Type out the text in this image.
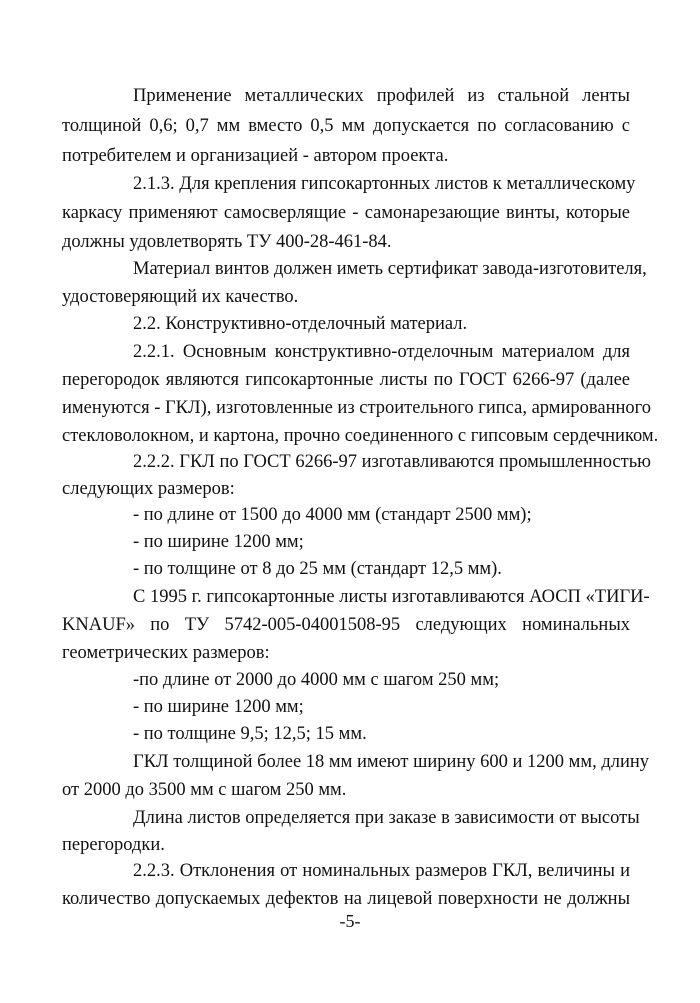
Применение металлических профилей из стальной ленты
толщиной 0,6; 0,7 мм вместо 0,5 мм допускается по согласованию с
потребителем и организацией - автором проекта.
2.1.3. Для крепления гипсокартонных листов к металлическому
каркасу применяют самосверлящие - самонарезающие винты, которые
должны удовлетворять ТУ 400-28-461-84.
Материал винтов должен иметь сертификат завода-изготовителя,
удостоверяющий их качество.
2.2. Конструктивно-отделочный материал.
2.2.1. Основным конструктивно-отделочным материалом для
перегородок являются гипсокартонные листы по ГОСТ 6266-97 (далее
именуются - ГКЛ), изготовленные из строительного гипса, армированного
стекловолокном, и картона, прочно соединенного с гипсовым сердечником.
2.2.2. ГКЛ по ГОСТ 6266-97 изготавливаются промышленностью
следующих размеров:
- по длине от 1500 до 4000 мм (стандарт 2500 мм);
- по ширине 1200 мм;
- по толщине от 8 до 25 мм (стандарт 12,5 мм).
С 1995 г. гипсокартонные листы изготавливаются АОСП «ТИГИ-
KNAUF» по ТУ 5742-005-04001508-95 следующих номинальных
геометрических размеров:
-по длине от 2000 до 4000 мм с шагом 250 мм;
- по ширине 1200 мм;
- по толщине 9,5; 12,5; 15 мм.
ГКЛ толщиной более 18 мм имеют ширину 600 и 1200 мм, длину
от 2000 до 3500 мм с шагом 250 мм.
Длина листов определяется при заказе в зависимости от высоты
перегородки.
2.2.3. Отклонения от номинальных размеров ГКЛ, величины и
количество допускаемых дефектов на лицевой поверхности не должны
-5-
